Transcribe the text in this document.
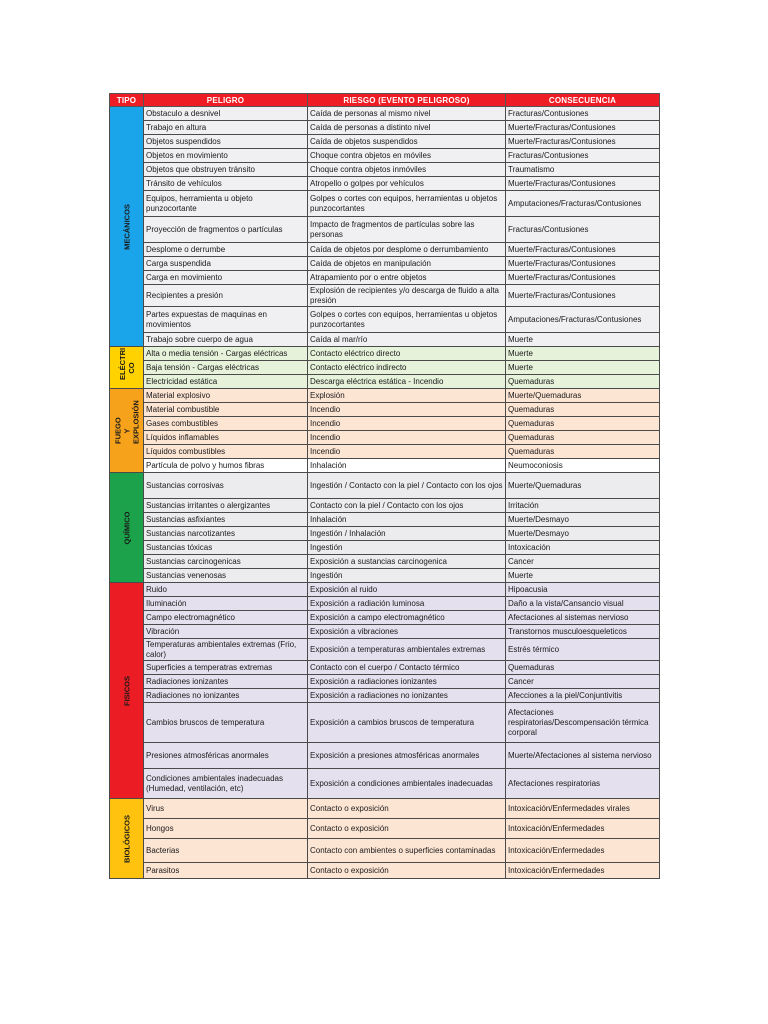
TIPO	PELIGRO	RIESGO (EVENTO PELIGROSO)	CONSECUENCIA

MECÁNICOS	Obstaculo a desnivel	Caída de personas al mismo nivel	Fracturas/Contusiones
	Trabajo en altura	Caída de personas a distinto nivel	Muerte/Fracturas/Contusiones
	Objetos suspendidos	Caída de objetos suspendidos	Muerte/Fracturas/Contusiones
	Objetos en movimiento	Choque contra objetos en móviles	Fracturas/Contusiones
	Objetos que obstruyen tránsito	Choque contra objetos inmóviles	Traumatismo
	Tránsito de vehículos	Atropello o golpes por vehículos	Muerte/Fracturas/Contusiones
	Equipos, herramienta u objeto punzocortante	Golpes o cortes con equipos, herramientas u objetos punzocortantes	Amputaciones/Fracturas/Contusiones
	Proyección de fragmentos o partículas	Impacto de fragmentos de partículas sobre las personas	Fracturas/Contusiones
	Desplome o derrumbe	Caída de objetos por desplome o derrumbamiento	Muerte/Fracturas/Contusiones
	Carga suspendida	Caída de objetos en manipulación	Muerte/Fracturas/Contusiones
	Carga en movimiento	Atrapamiento por o entre objetos	Muerte/Fracturas/Contusiones
	Recipientes a presión	Explosión de recipientes y/o descarga de fluido a alta presión	Muerte/Fracturas/Contusiones
	Partes expuestas de maquinas en movimientos	Golpes o cortes con equipos, herramientas u objetos punzocortantes	Amputaciones/Fracturas/Contusiones
	Trabajo sobre cuerpo de agua	Caída al mar/río	Muerte

ELÉCTRI CO	Alta o media tensión - Cargas eléctricas	Contacto eléctrico directo	Muerte
	Baja tensión - Cargas eléctricas	Contacto eléctrico indirecto	Muerte
	Electricidad estática	Descarga eléctrica estática - Incendio	Quemaduras

FUEGO Y EXPLOSIÓN	Material explosivo	Explosión	Muerte/Quemaduras
	Material combustible	Incendio	Quemaduras
	Gases combustibles	Incendio	Quemaduras
	Líquidos inflamables	Incendio	Quemaduras
	Líquidos combustibles	Incendio	Quemaduras
	Partícula de polvo y humos fibras	Inhalación	Neumoconiosis

QUÍMICO	Sustancias corrosivas	Ingestión / Contacto con la piel / Contacto con los ojos	Muerte/Quemaduras
	Sustancias irritantes o alergizantes	Contacto con la piel / Contacto con los ojos	Irritación
	Sustancias asfixiantes	Inhalación	Muerte/Desmayo
	Sustancias narcotizantes	Ingestión / Inhalación	Muerte/Desmayo
	Sustancias tóxicas	Ingestión	Intoxicación
	Sustancias carcinogenicas	Exposición a sustancias carcinogenica	Cancer
	Sustancias venenosas	Ingestión	Muerte

FISICOS	Ruido	Exposición al ruido	Hipoacusia
	Iluminación	Exposición a radiación luminosa	Daño a la vista/Cansancio visual
	Campo electromagnético	Exposición a campo electromagnético	Afectaciones al sistemas nervioso
	Vibración	Exposición a vibraciones	Transtornos musculoesqueleticos
	Temperaturas ambientales extremas (Frio, calor)	Exposición a temperaturas ambientales extremas	Estrés térmico
	Superficies a temperatras extremas	Contacto con el cuerpo / Contacto térmico	Quemaduras
	Radiaciones ionizantes	Exposición a radiaciones ionizantes	Cancer
	Radiaciones no ionizantes	Exposición a radiaciones no ionizantes	Afecciones a la piel/Conjuntivitis
	Cambios bruscos de temperatura	Exposición a cambios bruscos de temperatura	Afectaciones respiratorias/Descompensación térmica corporal
	Presiones atmosféricas anormales	Exposición a presiones atmosféricas anormales	Muerte/Afectaciones al sistema nervioso
	Condiciones ambientales inadecuadas (Humedad, ventilación, etc)	Exposición a condiciones ambientales inadecuadas	Afectaciones respiratorias

BIOLÓGICOS	Virus	Contacto o exposición	Intoxicación/Enfermedades virales
	Hongos	Contacto o exposición	Intoxicación/Enfermedades
	Bacterias	Contacto con ambientes o superficies contaminadas	Intoxicación/Enfermedades
	Parasitos	Contacto o exposición	Intoxicación/Enfermedades
